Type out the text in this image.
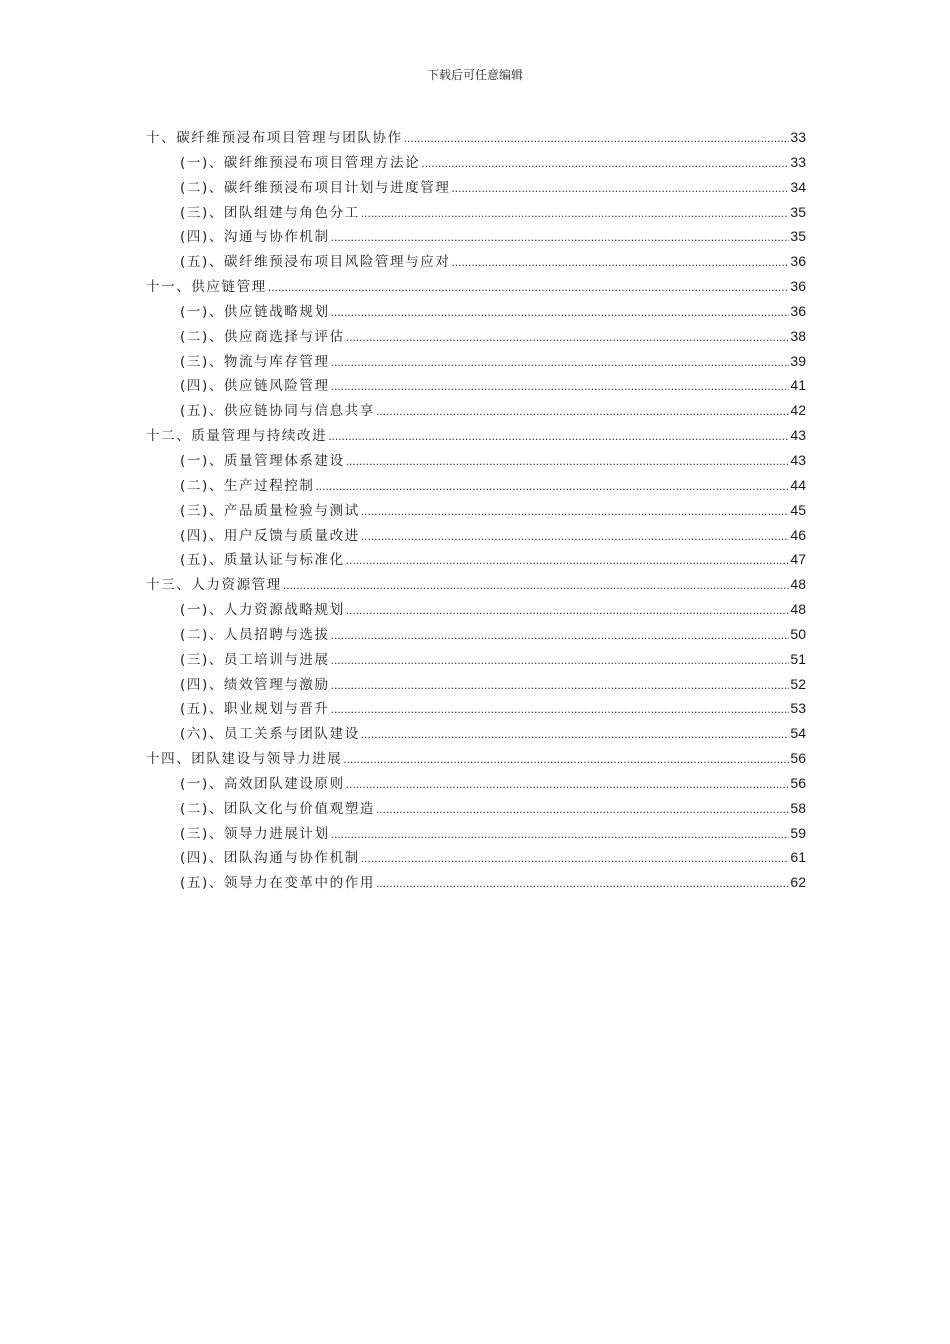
下载后可任意编辑
十、碳纤维预浸布项目管理与团队协作 .....	33
(一)、碳纤维预浸布项目管理方法论 .....	33
(二)、碳纤维预浸布项目计划与进度管理 .....	34
(三)、团队组建与角色分工 .....	35
(四)、沟通与协作机制 .....	35
(五)、碳纤维预浸布项目风险管理与应对 .....	36
十一、供应链管理 .....	36
(一)、供应链战略规划 .....	36
(二)、供应商选择与评估 .....	38
(三)、物流与库存管理 .....	39
(四)、供应链风险管理 .....	41
(五)、供应链协同与信息共享 .....	42
十二、质量管理与持续改进 .....	43
(一)、质量管理体系建设 .....	43
(二)、生产过程控制 .....	44
(三)、产品质量检验与测试 .....	45
(四)、用户反馈与质量改进 .....	46
(五)、质量认证与标准化 .....	47
十三、人力资源管理 .....	48
(一)、人力资源战略规划 .....	48
(二)、人员招聘与选拔 .....	50
(三)、员工培训与进展 .....	51
(四)、绩效管理与激励 .....	52
(五)、职业规划与晋升 .....	53
(六)、员工关系与团队建设 .....	54
十四、团队建设与领导力进展 .....	56
(一)、高效团队建设原则 .....	56
(二)、团队文化与价值观塑造 .....	58
(三)、领导力进展计划 .....	59
(四)、团队沟通与协作机制 .....	61
(五)、领导力在变革中的作用 .....	62
